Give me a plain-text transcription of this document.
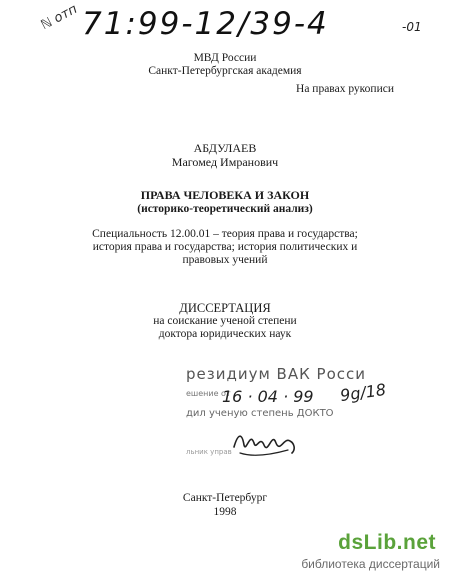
ℕ отп 71:99-12/39-4	-01
МВД России
Санкт-Петербургская академия
На правах рукописи
АБДУЛАЕВ
Магомед Имранович
ПРАВА ЧЕЛОВЕКА И ЗАКОН
(историко-теоретический анализ)
Специальность 12.00.01 – теория права и государства;
история права и государства; история политических и
правовых учений
ДИССЕРТАЦИЯ
на соискание ученой степени
доктора юридических наук
резидиум ВАК Росси
ешение от
дил ученую степень ДОКТО
льник управ
16 · 04 · 99 9g/18
Санкт-Петербург
1998
dsLib.net
библиотека диссертаций
